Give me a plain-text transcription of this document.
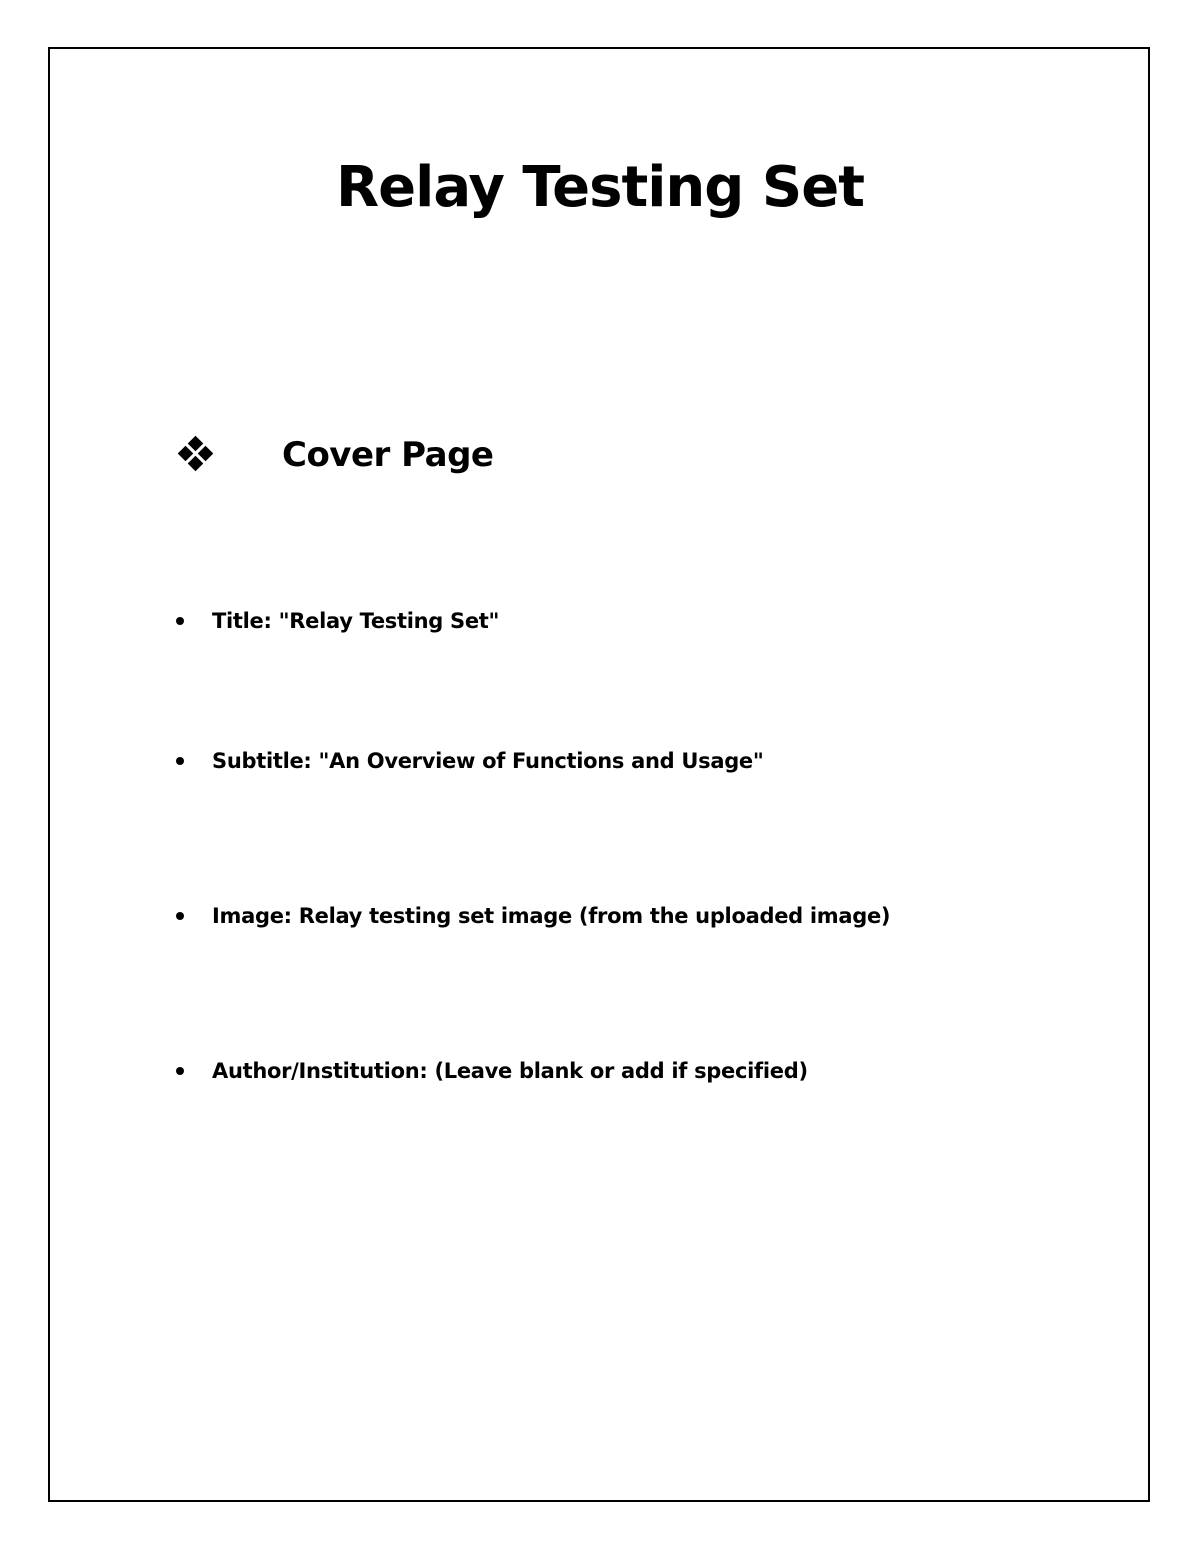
Relay Testing Set
Cover Page
Title: "Relay Testing Set"
Subtitle: "An Overview of Functions and Usage"
Image: Relay testing set image (from the uploaded image)
Author/Institution: (Leave blank or add if specified)
